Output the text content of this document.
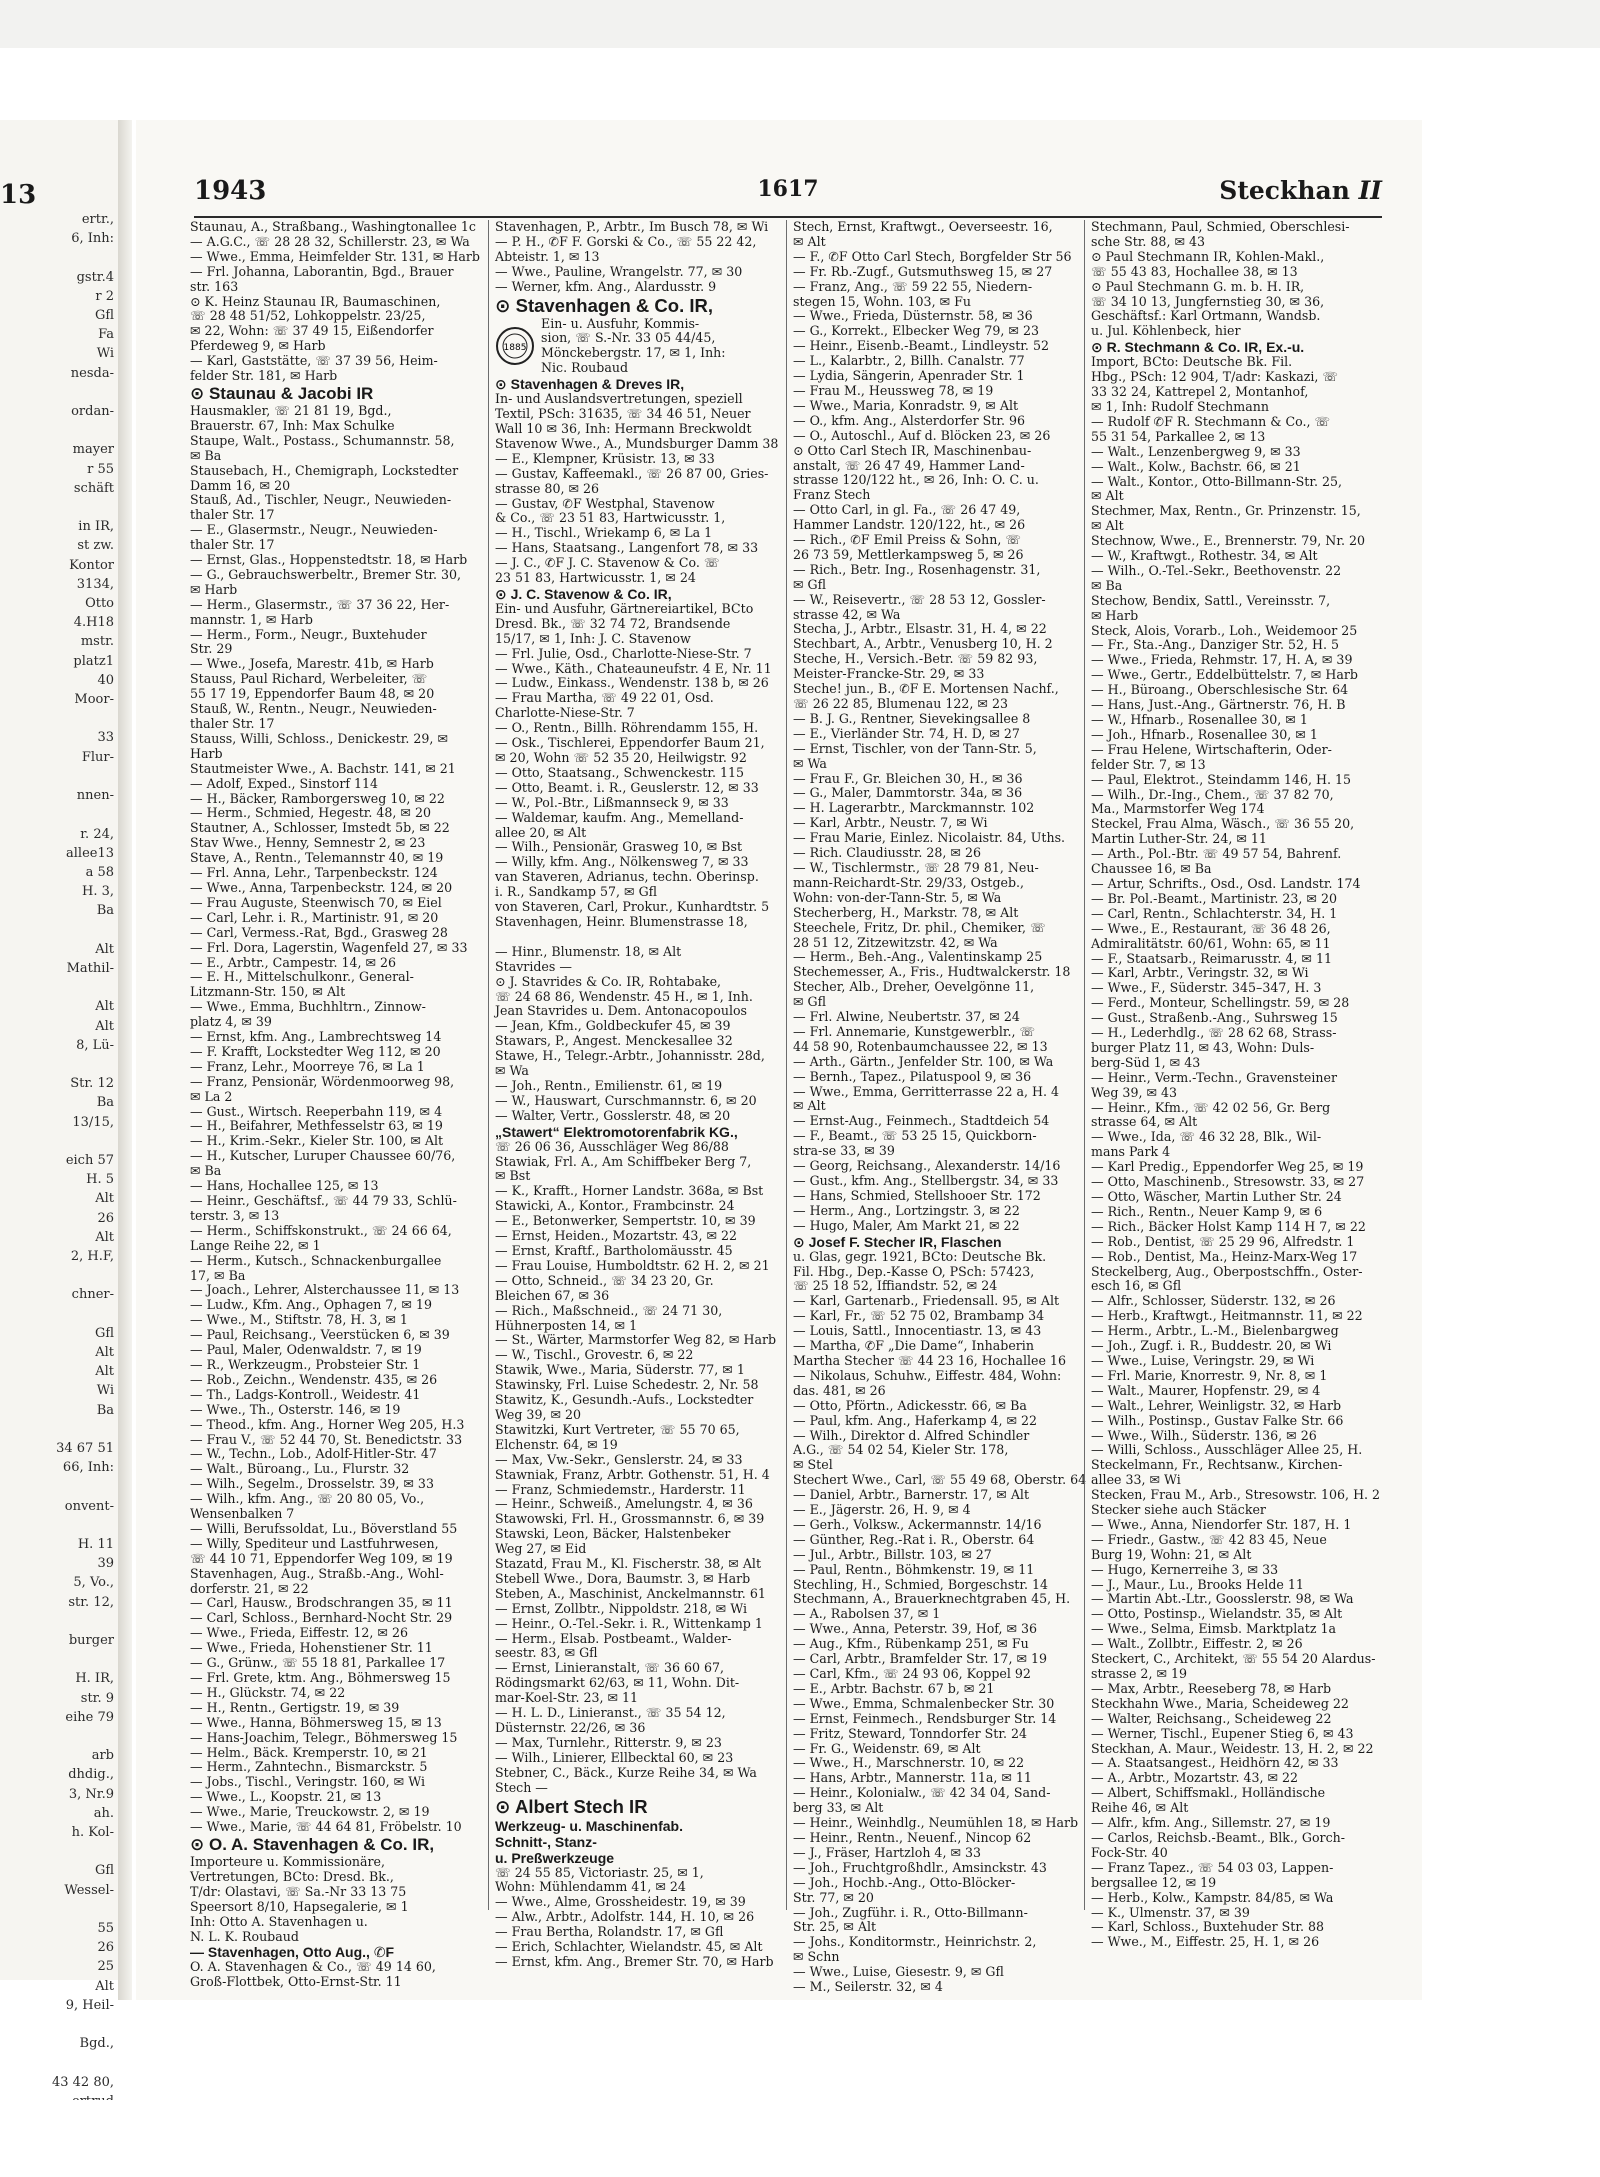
13
ertr.,
6, Inh:

gstr.4
r 2
Gfl
Fa
Wi
nesda-

ordan-

mayer
r 55
schäft

in IR,
st zw.
Kontor
3134,
Otto
4.H18
mstr.
platz1
40
Moor-

33
Flur-

nnen-

r. 24,
allee13
a 58
H. 3,
Ba

Alt
Mathil-

Alt
Alt
8, Lü-

Str. 12
Ba
13/15,

eich 57
H. 5
Alt
26
Alt
2, H.F,

chner-

Gfl
Alt
Alt
Wi
Ba

34 67 51
66, Inh:

onvent-

H. 11
39
5, Vo.,
str. 12,

burger

H. IR,
str. 9
eihe 79

arb
dhdig.,
3, Nr.9
ah.
h. Kol-

Gfl
Wessel-

55
26
25
Alt
9, Heil-

Bgd.,

43 42 80,
1943	1617	Steckhan II
Staunau, A., Straßbang., Washingtonallee 1c
— A.G.C., ☏ 28 28 32, Schillerstr. 23, ✉ Wa
— Wwe., Emma, Heimfelder Str. 131, ✉ Harb
— Frl. Johanna, Laborantin, Bgd., Brauer
str. 163
⊙ K. Heinz Staunau IR, Baumaschinen,
☏ 28 48 51/52, Lohkoppelstr. 23/25,
✉ 22, Wohn: ☏ 37 49 15, Eißendorfer
Pferdeweg 9, ✉ Harb
— Karl, Gaststätte, ☏ 37 39 56, Heim-
felder Str. 181, ✉ Harb
⊙ Staunau & Jacobi IR
Hausmakler, ☏ 21 81 19, Bgd.,
Brauerstr. 67, Inh: Max Schulke
Staupe, Walt., Postass., Schumannstr. 58,
✉ Ba
Stausebach, H., Chemigraph, Lockstedter
Damm 16, ✉ 20
Stauß, Ad., Tischler, Neugr., Neuwieden-
thaler Str. 17
— E., Glasermstr., Neugr., Neuwieden-
thaler Str. 17
— Ernst, Glas., Hoppenstedtstr. 18, ✉ Harb
— G., Gebrauchswerbeltr., Bremer Str. 30,
✉ Harb
— Herm., Glasermstr., ☏ 37 36 22, Her-
mannstr. 1, ✉ Harb
— Herm., Form., Neugr., Buxtehuder
Str. 29
— Wwe., Josefa, Marestr. 41b, ✉ Harb
Stauss, Paul Richard, Werbeleiter, ☏
55 17 19, Eppendorfer Baum 48, ✉ 20
Stauß, W., Rentn., Neugr., Neuwieden-
thaler Str. 17
Stauss, Willi, Schloss., Denickestr. 29, ✉
Harb
Stautmeister Wwe., A. Bachstr. 141, ✉ 21
— Adolf, Exped., Sinstorf 114
— H., Bäcker, Ramborgersweg 10, ✉ 22
— Herm., Schmied, Hegestr. 48, ✉ 20
Stautner, A., Schlosser, Imstedt 5b, ✉ 22
Stav Wwe., Henny, Semnestr 2, ✉ 23
Stave, A., Rentn., Telemannstr 40, ✉ 19
— Frl. Anna, Lehr., Tarpenbeckstr. 124
— Wwe., Anna, Tarpenbeckstr. 124, ✉ 20
— Frau Auguste, Steenwisch 70, ✉ Eiel
— Carl, Lehr. i. R., Martinistr. 91, ✉ 20
— Carl, Vermess.-Rat, Bgd., Grasweg 28
— Frl. Dora, Lagerstin, Wagenfeld 27, ✉ 33
— E., Arbtr., Campestr. 14, ✉ 26
— E. H., Mittelschulkonr., General-
Litzmann-Str. 150, ✉ Alt
— Wwe., Emma, Buchhltrn., Zinnow-
platz 4, ✉ 39
— Ernst, kfm. Ang., Lambrechtsweg 14
— F. Krafft, Lockstedter Weg 112, ✉ 20
— Franz, Lehr., Moorreye 76, ✉ La 1
— Franz, Pensionär, Wördenmoorweg 98,
✉ La 2
— Gust., Wirtsch. Reeperbahn 119, ✉ 4
— H., Beifahrer, Methfesselstr 63, ✉ 19
— H., Krim.-Sekr., Kieler Str. 100, ✉ Alt
— H., Kutscher, Luruper Chaussee 60/76,
✉ Ba
— Hans, Hochallee 125, ✉ 13
— Heinr., Geschäftsf., ☏ 44 79 33, Schlü-
terstr. 3, ✉ 13
— Herm., Schiffskonstrukt., ☏ 24 66 64,
Lange Reihe 22, ✉ 1
— Herm., Kutsch., Schnackenburgallee
17, ✉ Ba
— Joach., Lehrer, Alsterchaussee 11, ✉ 13
— Ludw., Kfm. Ang., Ophagen 7, ✉ 19
— Wwe., M., Stiftstr. 78, H. 3, ✉ 1
— Paul, Reichsang., Veerstücken 6, ✉ 39
— Paul, Maler, Odenwaldstr. 7, ✉ 19
— R., Werkzeugm., Probsteier Str. 1
— Rob., Zeichn., Wendenstr. 435, ✉ 26
— Th., Ladgs-Kontroll., Weidestr. 41
— Wwe., Th., Osterstr. 146, ✉ 19
— Theod., kfm. Ang., Horner Weg 205, H.3
— Frau V., ☏ 52 44 70, St. Benedictstr. 33
— W., Techn., Lob., Adolf-Hitler-Str. 47
— Walt., Büroang., Lu., Flurstr. 32
— Wilh., Segelm., Drosselstr. 39, ✉ 33
— Wilh., kfm. Ang., ☏ 20 80 05, Vo.,
Wensenbalken 7
— Willi, Berufssoldat, Lu., Böverstland 55
— Willy, Spediteur und Lastfuhrwesen,
☏ 44 10 71, Eppendorfer Weg 109, ✉ 19
Stavenhagen, Aug., Straßb.-Ang., Wohl-
dorferstr. 21, ✉ 22
— Carl, Hausw., Brodschrangen 35, ✉ 11
— Carl, Schloss., Bernhard-Nocht Str. 29
— Wwe., Frieda, Eiffestr. 12, ✉ 26
— Wwe., Frieda, Hohenstiener Str. 11
— G., Grünw., ☏ 55 18 81, Parkallee 17
— Frl. Grete, ktm. Ang., Böhmersweg 15
— H., Glückstr. 74, ✉ 22
— H., Rentn., Gertigstr. 19, ✉ 39
— Wwe., Hanna, Böhmersweg 15, ✉ 13
— Hans-Joachim, Telegr., Böhmersweg 15
— Helm., Bäck. Kremperstr. 10, ✉ 21
— Herm., Zahntechn., Bismarckstr. 5
— Jobs., Tischl., Veringstr. 160, ✉ Wi
— Wwe., L., Koopstr. 21, ✉ 13
— Wwe., Marie, Treuckowstr. 2, ✉ 19
— Wwe., Marie, ☏ 44 64 81, Fröbelstr. 10
⊙ O. A. Stavenhagen & Co. IR,
Importeure u. Kommissionäre,
Vertretungen, BCto: Dresd. Bk.,
T/dr: Olastavi, ☏ Sa.-Nr 33 13 75
Speersort 8/10, Hapsegalerie, ✉ 1
Inh: Otto A. Stavenhagen u.
N. L. K. Roubaud
— Stavenhagen, Otto Aug., ✆F
O. A. Stavenhagen & Co., ☏ 49 14 60,
Groß-Flottbek, Otto-Ernst-Str. 11
Stavenhagen, P., Arbtr., Im Busch 78, ✉ Wi
— P. H., ✆F F. Gorski & Co., ☏ 55 22 42,
Abteistr. 1, ✉ 13
— Wwe., Pauline, Wrangelstr. 77, ✉ 30
— Werner, kfm. Ang., Alardusstr. 9
⊙ Stavenhagen & Co. IR,
1885
Ein- u. Ausfuhr, Kommis-
sion, ☏ S.-Nr. 33 05 44/45,
Mönckebergstr. 17, ✉ 1, Inh:
Nic. Roubaud
⊙ Stavenhagen & Dreves IR,
In- und Auslandsvertretungen, speziell
Textil, PSch: 31635, ☏ 34 46 51, Neuer
Wall 10 ✉ 36, Inh: Hermann Breckwoldt
Stavenow Wwe., A., Mundsburger Damm 38
— E., Klempner, Krüsistr. 13, ✉ 33
— Gustav, Kaffeemakl., ☏ 26 87 00, Gries-
strasse 80, ✉ 26
— Gustav, ✆F Westphal, Stavenow
& Co., ☏ 23 51 83, Hartwicusstr. 1,
— H., Tischl., Wriekamp 6, ✉ La 1
— Hans, Staatsang., Langenfort 78, ✉ 33
— J. C., ✆F J. C. Stavenow & Co. ☏
23 51 83, Hartwicusstr. 1, ✉ 24
⊙ J. C. Stavenow & Co. IR,
Ein- und Ausfuhr, Gärtnereiartikel, BCto
Dresd. Bk., ☏ 32 74 72, Brandsende
15/17, ✉ 1, Inh: J. C. Stavenow
— Frl. Julie, Osd., Charlotte-Niese-Str. 7
— Wwe., Käth., Chateauneufstr. 4 E, Nr. 11
— Ludw., Einkass., Wendenstr. 138 b, ✉ 26
— Frau Martha, ☏ 49 22 01, Osd.
Charlotte-Niese-Str. 7
— O., Rentn., Billh. Röhrendamm 155, H.
— Osk., Tischlerei, Eppendorfer Baum 21,
✉ 20, Wohn ☏ 52 35 20, Heilwigstr. 92
— Otto, Staatsang., Schwenckestr. 115
— Otto, Beamt. i. R., Geuslerstr. 12, ✉ 33
— W., Pol.-Btr., Lißmannseck 9, ✉ 33
— Waldemar, kaufm. Ang., Memelland-
allee 20, ✉ Alt
— Wilh., Pensionär, Grasweg 10, ✉ Bst
— Willy, kfm. Ang., Nölkensweg 7, ✉ 33
van Staveren, Adrianus, techn. Oberinsp.
i. R., Sandkamp 57, ✉ Gfl
von Staveren, Carl, Prokur., Kunhardtstr. 5
Stavenhagen, Heinr. Blumenstrasse 18,

— Hinr., Blumenstr. 18, ✉ Alt
Stavrides —
⊙ J. Stavrides & Co. IR, Rohtabake,
☏ 24 68 86, Wendenstr. 45 H., ✉ 1, Inh.
Jean Stavrides u. Dem. Antonacopoulos
— Jean, Kfm., Goldbeckufer 45, ✉ 39
Stawars, P., Angest. Menckesallee 32
Stawe, H., Telegr.-Arbtr., Johannisstr. 28d,
✉ Wa
— Joh., Rentn., Emilienstr. 61, ✉ 19
— W., Hauswart, Curschmannstr. 6, ✉ 20
— Walter, Vertr., Gosslerstr. 48, ✉ 20
„Stawert“ Elektromotorenfabrik KG.,
☏ 26 06 36, Ausschläger Weg 86/88
Stawiak, Frl. A., Am Schiffbeker Berg 7,
✉ Bst
— K., Krafft., Horner Landstr. 368a, ✉ Bst
Stawicki, A., Kontor., Frambcinstr. 24
— E., Betonwerker, Sempertstr. 10, ✉ 39
— Ernst, Heiden., Mozartstr. 43, ✉ 22
— Ernst, Kraftf., Bartholomäusstr. 45
— Frau Louise, Humboldtstr. 62 H. 2, ✉ 21
— Otto, Schneid., ☏ 34 23 20, Gr.
Bleichen 67, ✉ 36
— Rich., Maßschneid., ☏ 24 71 30,
Hühnerposten 14, ✉ 1
— St., Wärter, Marmstorfer Weg 82, ✉ Harb
— W., Tischl., Grovestr. 6, ✉ 22
Stawik, Wwe., Maria, Süderstr. 77, ✉ 1
Stawinsky, Frl. Luise Schedestr. 2, Nr. 58
Stawitz, K., Gesundh.-Aufs., Lockstedter
Weg 39, ✉ 20
Stawitzki, Kurt Vertreter, ☏ 55 70 65,
Elchenstr. 64, ✉ 19
— Max, Vw.-Sekr., Genslerstr. 24, ✉ 33
Stawniak, Franz, Arbtr. Gothenstr. 51, H. 4
— Franz, Schmiedemstr., Harderstr. 11
— Heinr., Schweiß., Amelungstr. 4, ✉ 36
Stawowski, Frl. H., Grossmannstr. 6, ✉ 39
Stawski, Leon, Bäcker, Halstenbeker
Weg 27, ✉ Eid
Stazatd, Frau M., Kl. Fischerstr. 38, ✉ Alt
Stebell Wwe., Dora, Baumstr. 3, ✉ Harb
Steben, A., Maschinist, Anckelmannstr. 61
— Ernst, Zollbtr., Nippoldstr. 218, ✉ Wi
— Heinr., O.-Tel.-Sekr. i. R., Wittenkamp 1
— Herm., Elsab. Postbeamt., Walder-
seestr. 83, ✉ Gfl
— Ernst, Linieranstalt, ☏ 36 60 67,
Rödingsmarkt 62/63, ✉ 11, Wohn. Dit-
mar-Koel-Str. 23, ✉ 11
— H. L. D., Linieranst., ☏ 35 54 12,
Düsternstr. 22/26, ✉ 36
— Max, Turnlehr., Ritterstr. 9, ✉ 23
— Wilh., Linierer, Ellbecktal 60, ✉ 23
Stebner, C., Bäck., Kurze Reihe 34, ✉ Wa
Stech —
⊙ Albert Stech IR
Werkzeug- u. Maschinenfab.
Schnitt-, Stanz-
u. Preßwerkzeuge
☏ 24 55 85, Victoriastr. 25, ✉ 1,
Wohn: Mühlendamm 41, ✉ 24
— Wwe., Alme, Grossheidestr. 19, ✉ 39
— Alw., Arbtr., Adolfstr. 144, H. 10, ✉ 26
— Frau Bertha, Rolandstr. 17, ✉ Gfl
— Erich, Schlachter, Wielandstr. 45, ✉ Alt
— Ernst, kfm. Ang., Bremer Str. 70, ✉ Harb
Stech, Ernst, Kraftwgt., Oeverseestr. 16,
✉ Alt
— F., ✆F Otto Carl Stech, Borgfelder Str 56
— Fr. Rb.-Zugf., Gutsmuthsweg 15, ✉ 27
— Franz, Ang., ☏ 59 22 55, Niedern-
stegen 15, Wohn. 103, ✉ Fu
— Wwe., Frieda, Düsternstr. 58, ✉ 36
— G., Korrekt., Elbecker Weg 79, ✉ 23
— Heinr., Eisenb.-Beamt., Lindleystr. 52
— L., Kalarbtr., 2, Billh. Canalstr. 77
— Lydia, Sängerin, Apenrader Str. 1
— Frau M., Heussweg 78, ✉ 19
— Wwe., Maria, Konradstr. 9, ✉ Alt
— O., kfm. Ang., Alsterdorfer Str. 96
— O., Autoschl., Auf d. Blöcken 23, ✉ 26
⊙ Otto Carl Stech IR, Maschinenbau-
anstalt, ☏ 26 47 49, Hammer Land-
strasse 120/122 ht., ✉ 26, Inh: O. C. u.
Franz Stech
— Otto Carl, in gl. Fa., ☏ 26 47 49,
Hammer Landstr. 120/122, ht., ✉ 26
— Rich., ✆F Emil Preiss & Sohn, ☏
26 73 59, Mettlerkampsweg 5, ✉ 26
— Rich., Betr. Ing., Rosenhagenstr. 31,
✉ Gfl
— W., Reisevertr., ☏ 28 53 12, Gossler-
strasse 42, ✉ Wa
Stecha, J., Arbtr., Elsastr. 31, H. 4, ✉ 22
Stechbart, A., Arbtr., Venusberg 10, H. 2
Steche, H., Versich.-Betr. ☏ 59 82 93,
Meister-Francke-Str. 29, ✉ 33
Steche! jun., B., ✆F E. Mortensen Nachf.,
☏ 26 22 85, Blumenau 122, ✉ 23
— B. J. G., Rentner, Sievekingsallee 8
— E., Vierländer Str. 74, H. D, ✉ 27
— Ernst, Tischler, von der Tann-Str. 5,
✉ Wa
— Frau F., Gr. Bleichen 30, H., ✉ 36
— G., Maler, Dammtorstr. 34a, ✉ 36
— H. Lagerarbtr., Marckmannstr. 102
— Karl, Arbtr., Neustr. 7, ✉ Wi
— Frau Marie, Einlez. Nicolaistr. 84, Uths.
— Rich. Claudiusstr. 28, ✉ 26
— W., Tischlermstr., ☏ 28 79 81, Neu-
mann-Reichardt-Str. 29/33, Ostgeb.,
Wohn: von-der-Tann-Str. 5, ✉ Wa
Stecherberg, H., Markstr. 78, ✉ Alt
Steechele, Fritz, Dr. phil., Chemiker, ☏
28 51 12, Zitzewitzstr. 42, ✉ Wa
— Herm., Beh.-Ang., Valentinskamp 25
Stechemesser, A., Fris., Hudtwalckerstr. 18
Stecher, Alb., Dreher, Oevelgönne 11,
✉ Gfl
— Frl. Alwine, Neubertstr. 37, ✉ 24
— Frl. Annemarie, Kunstgewerblr., ☏
44 58 90, Rotenbaumchaussee 22, ✉ 13
— Arth., Gärtn., Jenfelder Str. 100, ✉ Wa
— Bernh., Tapez., Pilatuspool 9, ✉ 36
— Wwe., Emma, Gerritterrasse 22 a, H. 4
✉ Alt
— Ernst-Aug., Feinmech., Stadtdeich 54
— F., Beamt., ☏ 53 25 15, Quickborn-
stra-se 33, ✉ 39
— Georg, Reichsang., Alexanderstr. 14/16
— Gust., kfm. Ang., Stellbergstr. 34, ✉ 33
— Hans, Schmied, Stellshooer Str. 172
— Herm., Ang., Lortzingstr. 3, ✉ 22
— Hugo, Maler, Am Markt 21, ✉ 22
⊙ Josef F. Stecher IR, Flaschen
u. Glas, gegr. 1921, BCto: Deutsche Bk.
Fil. Hbg., Dep.-Kasse O, PSch: 57423,
☏ 25 18 52, Iffiandstr. 52, ✉ 24
— Karl, Gartenarb., Friedensall. 95, ✉ Alt
— Karl, Fr., ☏ 52 75 02, Brambamp 34
— Louis, Sattl., Innocentiastr. 13, ✉ 43
— Martha, ✆F „Die Dame“, Inhaberin
Martha Stecher ☏ 44 23 16, Hochallee 16
— Nikolaus, Schuhw., Eiffestr. 484, Wohn:
das. 481, ✉ 26
— Otto, Pförtn., Adickesstr. 66, ✉ Ba
— Paul, kfm. Ang., Haferkamp 4, ✉ 22
— Wilh., Direktor d. Alfred Schindler
A.G., ☏ 54 02 54, Kieler Str. 178,
✉ Stel
Stechert Wwe., Carl, ☏ 55 49 68, Oberstr. 64
— Daniel, Arbtr., Barnerstr. 17, ✉ Alt
— E., Jägerstr. 26, H. 9, ✉ 4
— Gerh., Volksw., Ackermannstr. 14/16
— Günther, Reg.-Rat i. R., Oberstr. 64
— Jul., Arbtr., Billstr. 103, ✉ 27
— Paul, Rentn., Böhmkenstr. 19, ✉ 11
Stechling, H., Schmied, Borgeschstr. 14
Stechmann, A., Brauerknechtgraben 45, H.
— A., Rabolsen 37, ✉ 1
— Wwe., Anna, Peterstr. 39, Hof, ✉ 36
— Aug., Kfm., Rübenkamp 251, ✉ Fu
— Carl, Arbtr., Bramfelder Str. 17, ✉ 19
— Carl, Kfm., ☏ 24 93 06, Koppel 92
— E., Arbtr. Bachstr. 67 b, ✉ 21
— Wwe., Emma, Schmalenbecker Str. 30
— Ernst, Feinmech., Rendsburger Str. 14
— Fritz, Steward, Tonndorfer Str. 24
— Fr. G., Weidenstr. 69, ✉ Alt
— Wwe., H., Marschnerstr. 10, ✉ 22
— Hans, Arbtr., Mannerstr. 11a, ✉ 11
— Heinr., Kolonialw., ☏ 42 34 04, Sand-
berg 33, ✉ Alt
— Heinr., Weinhdlg., Neumühlen 18, ✉ Harb
— Heinr., Rentn., Neuenf., Nincop 62
— J., Fräser, Hartzloh 4, ✉ 33
— Joh., Fruchtgroßhdlr., Amsinckstr. 43
— Joh., Hochb.-Ang., Otto-Blöcker-
Str. 77, ✉ 20
— Joh., Zugführ. i. R., Otto-Billmann-
Str. 25, ✉ Alt
— Johs., Konditormstr., Heinrichstr. 2,
✉ Schn
— Wwe., Luise, Giesestr. 9, ✉ Gfl
— M., Seilerstr. 32, ✉ 4
Stechmann, Paul, Schmied, Oberschlesi-
sche Str. 88, ✉ 43
⊙ Paul Stechmann IR, Kohlen-Makl.,
☏ 55 43 83, Hochallee 38, ✉ 13
⊙ Paul Stechmann G. m. b. H. IR,
☏ 34 10 13, Jungfernstieg 30, ✉ 36,
Geschäftsf.: Karl Ortmann, Wandsb.
u. Jul. Köhlenbeck, hier
⊙ R. Stechmann & Co. IR, Ex.-u.
Import, BCto: Deutsche Bk. Fil.
Hbg., PSch: 12 904, T/adr: Kaskazi, ☏
33 32 24, Kattrepel 2, Montanhof,
✉ 1, Inh: Rudolf Stechmann
— Rudolf ✆F R. Stechmann & Co., ☏
55 31 54, Parkallee 2, ✉ 13
— Walt., Lenzenbergweg 9, ✉ 33
— Walt., Kolw., Bachstr. 66, ✉ 21
— Walt., Kontor., Otto-Billmann-Str. 25,
✉ Alt
Stechmer, Max, Rentn., Gr. Prinzenstr. 15,
✉ Alt
Stechnow, Wwe., E., Brennerstr. 79, Nr. 20
— W., Kraftwgt., Rothestr. 34, ✉ Alt
— Wilh., O.-Tel.-Sekr., Beethovenstr. 22
✉ Ba
Stechow, Bendix, Sattl., Vereinsstr. 7,
✉ Harb
Steck, Alois, Vorarb., Loh., Weidemoor 25
— Fr., Sta.-Ang., Danziger Str. 52, H. 5
— Wwe., Frieda, Rehmstr. 17, H. A, ✉ 39
— Wwe., Gertr., Eddelbüttelstr. 7, ✉ Harb
— H., Büroang., Oberschlesische Str. 64
— Hans, Just.-Ang., Gärtnerstr. 76, H. B
— W., Hfnarb., Rosenallee 30, ✉ 1
— Joh., Hfnarb., Rosenallee 30, ✉ 1
— Frau Helene, Wirtschafterin, Oder-
felder Str. 7, ✉ 13
— Paul, Elektrot., Steindamm 146, H. 15
— Wilh., Dr.-Ing., Chem., ☏ 37 82 70,
Ma., Marmstorfer Weg 174
Steckel, Frau Alma, Wäsch., ☏ 36 55 20,
Martin Luther-Str. 24, ✉ 11
— Arth., Pol.-Btr. ☏ 49 57 54, Bahrenf.
Chaussee 16, ✉ Ba
— Artur, Schrifts., Osd., Osd. Landstr. 174
— Br. Pol.-Beamt., Martinistr. 23, ✉ 20
— Carl, Rentn., Schlachterstr. 34, H. 1
— Wwe., E., Restaurant, ☏ 36 48 26,
Admiralitätstr. 60/61, Wohn: 65, ✉ 11
— F., Staatsarb., Reimarusstr. 4, ✉ 11
— Karl, Arbtr., Veringstr. 32, ✉ Wi
— Wwe., F., Süderstr. 345–347, H. 3
— Ferd., Monteur, Schellingstr. 59, ✉ 28
— Gust., Straßenb.-Ang., Suhrsweg 15
— H., Lederhdlg., ☏ 28 62 68, Strass-
burger Platz 11, ✉ 43, Wohn: Duls-
berg-Süd 1, ✉ 43
— Heinr., Verm.-Techn., Gravensteiner
Weg 39, ✉ 43
— Heinr., Kfm., ☏ 42 02 56, Gr. Berg
strasse 64, ✉ Alt
— Wwe., Ida, ☏ 46 32 28, Blk., Wil-
mans Park 4
— Karl Predig., Eppendorfer Weg 25, ✉ 19
— Otto, Maschinenb., Stresowstr. 33, ✉ 27
— Otto, Wäscher, Martin Luther Str. 24
— Rich., Rentn., Neuer Kamp 9, ✉ 6
— Rich., Bäcker Holst Kamp 114 H 7, ✉ 22
— Rob., Dentist, ☏ 25 29 96, Alfredstr. 1
— Rob., Dentist, Ma., Heinz-Marx-Weg 17
Steckelberg, Aug., Oberpostschffn., Oster-
esch 16, ✉ Gfl
— Alfr., Schlosser, Süderstr. 132, ✉ 26
— Herb., Kraftwgt., Heitmannstr. 11, ✉ 22
— Herm., Arbtr., L.-M., Bielenbargweg
— Joh., Zugf. i. R., Buddestr. 20, ✉ Wi
— Wwe., Luise, Veringstr. 29, ✉ Wi
— Frl. Marie, Knorrestr. 9, Nr. 8, ✉ 1
— Walt., Maurer, Hopfenstr. 29, ✉ 4
— Walt., Lehrer, Weinligstr. 32, ✉ Harb
— Wilh., Postinsp., Gustav Falke Str. 66
— Wwe., Wilh., Süderstr. 136, ✉ 26
— Willi, Schloss., Ausschläger Allee 25, H.
Steckelmann, Fr., Rechtsanw., Kirchen-
allee 33, ✉ Wi
Stecken, Frau M., Arb., Stresowstr. 106, H. 2
Stecker siehe auch Stäcker
— Wwe., Anna, Niendorfer Str. 187, H. 1
— Friedr., Gastw., ☏ 42 83 45, Neue
Burg 19, Wohn: 21, ✉ Alt
— Hugo, Kernerreihe 3, ✉ 33
— J., Maur., Lu., Brooks Helde 11
— Martin Abt.-Ltr., Goosslerstr. 98, ✉ Wa
— Otto, Postinsp., Wielandstr. 35, ✉ Alt
— Wwe., Selma, Eimsb. Marktplatz 1a
— Walt., Zollbtr., Eiffestr. 2, ✉ 26
Steckert, C., Architekt, ☏ 55 54 20 Alardus-
strasse 2, ✉ 19
— Max, Arbtr., Reeseberg 78, ✉ Harb
Steckhahn Wwe., Maria, Scheideweg 22
— Walter, Reichsang., Scheideweg 22
— Werner, Tischl., Eupener Stieg 6, ✉ 43
Steckhan, A. Maur., Weidestr. 13, H. 2, ✉ 22
— A. Staatsangest., Heidhörn 42, ✉ 33
— A., Arbtr., Mozartstr. 43, ✉ 22
— Albert, Schiffsmakl., Holländische
Reihe 46, ✉ Alt
— Alfr., kfm. Ang., Sillemstr. 27, ✉ 19
— Carlos, Reichsb.-Beamt., Blk., Gorch-
Fock-Str. 40
— Franz Tapez., ☏ 54 03 03, Lappen-
bergsallee 12, ✉ 19
— Herb., Kolw., Kampstr. 84/85, ✉ Wa
— K., Ulmenstr. 37, ✉ 39
— Karl, Schloss., Buxtehuder Str. 88
— Wwe., M., Eiffestr. 25, H. 1, ✉ 26
